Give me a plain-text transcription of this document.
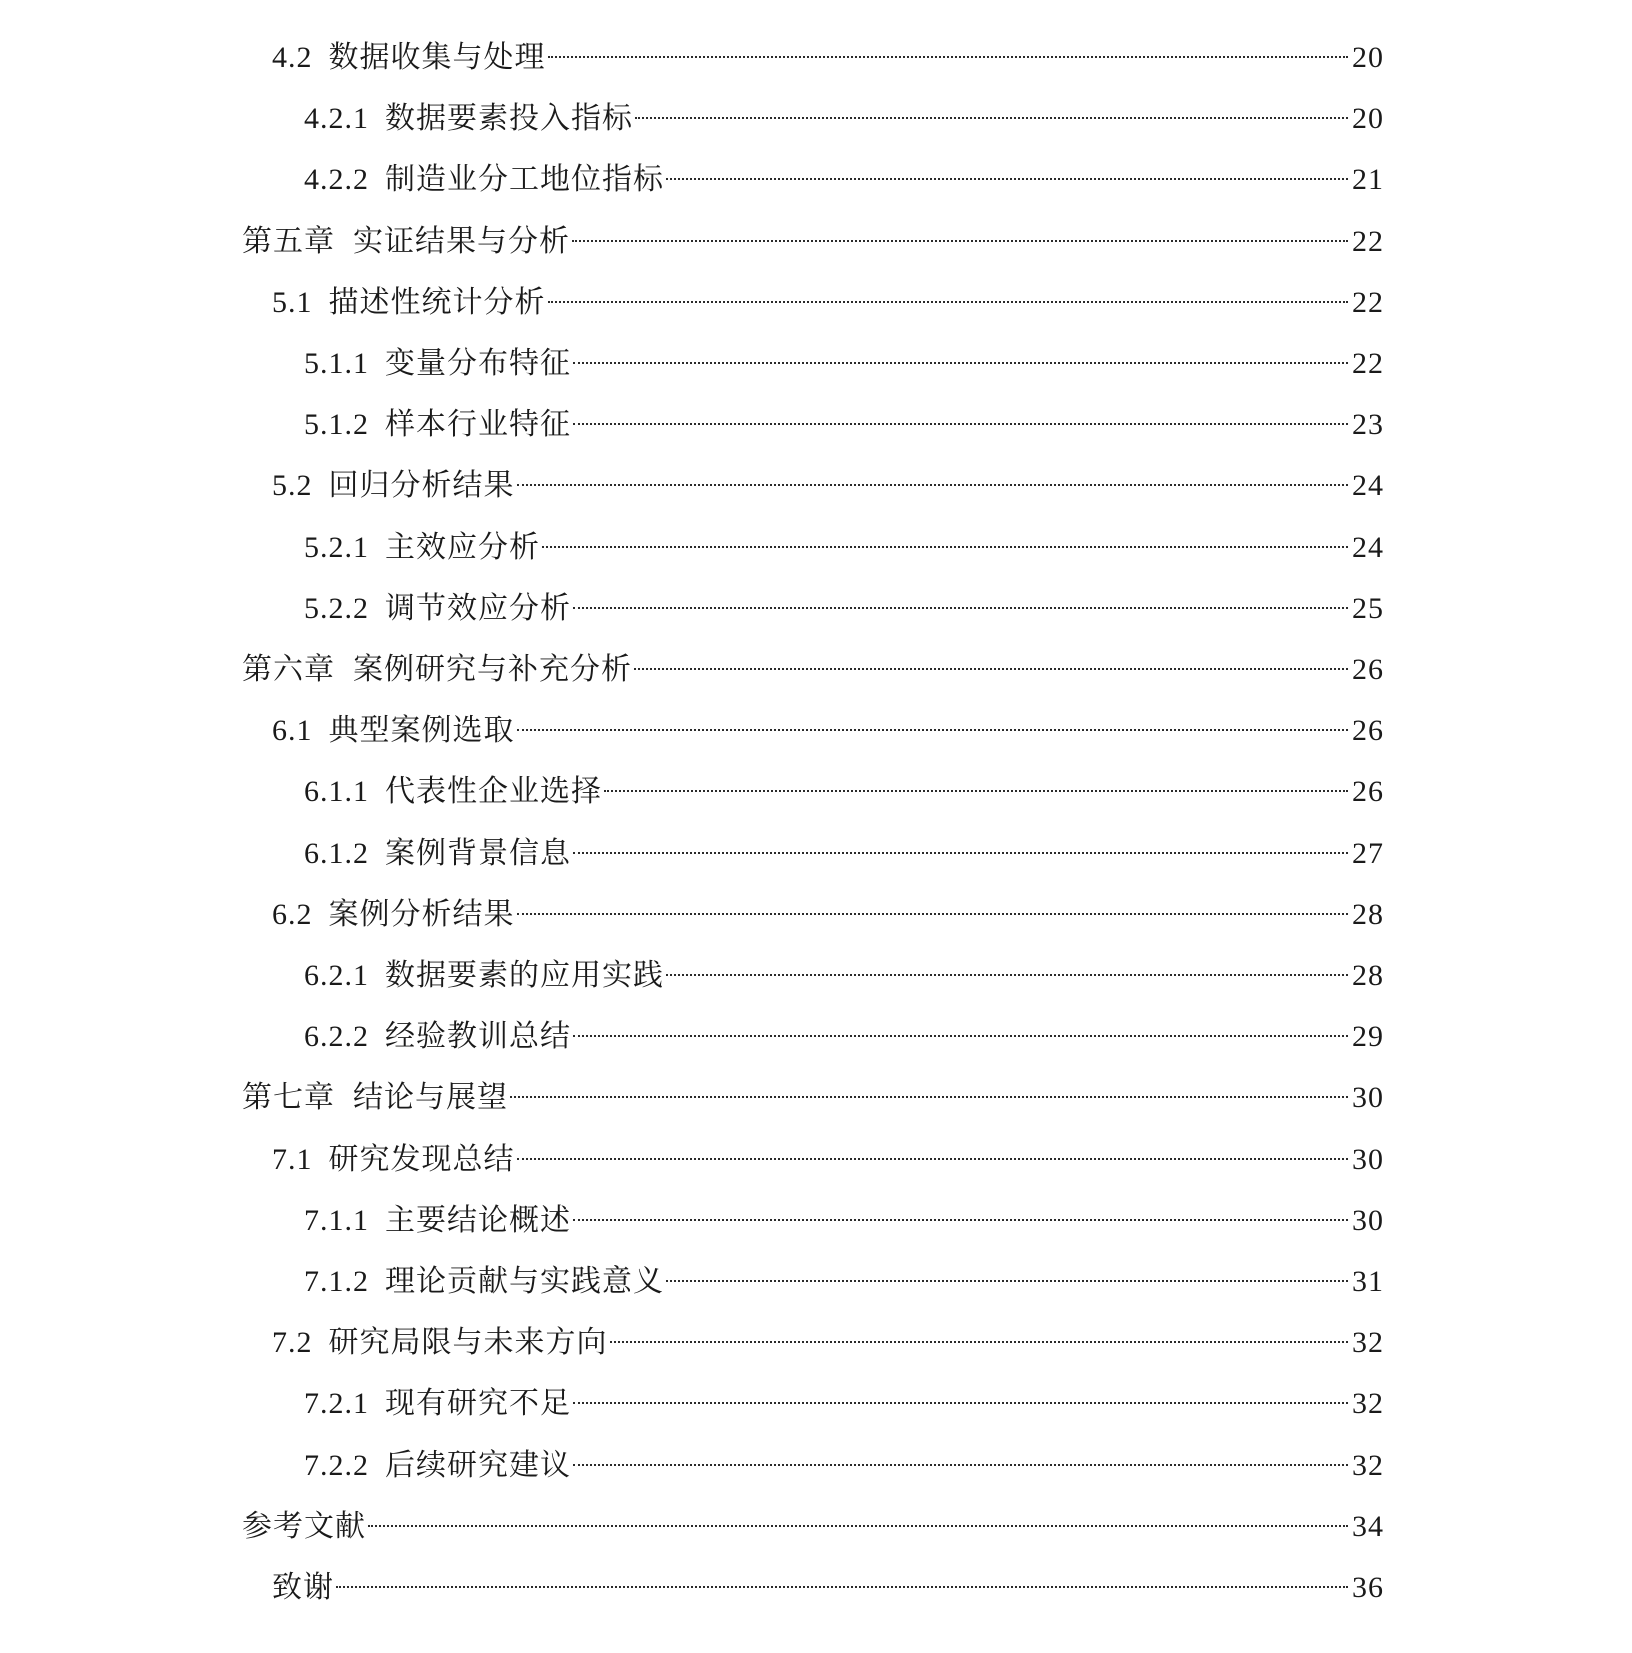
4.2 数据收集与处理	20
4.2.1 数据要素投入指标	20
4.2.2 制造业分工地位指标	21
第五章 实证结果与分析	22
5.1 描述性统计分析	22
5.1.1 变量分布特征	22
5.1.2 样本行业特征	23
5.2 回归分析结果	24
5.2.1 主效应分析	24
5.2.2 调节效应分析	25
第六章 案例研究与补充分析	26
6.1 典型案例选取	26
6.1.1 代表性企业选择	26
6.1.2 案例背景信息	27
6.2 案例分析结果	28
6.2.1 数据要素的应用实践	28
6.2.2 经验教训总结	29
第七章 结论与展望	30
7.1 研究发现总结	30
7.1.1 主要结论概述	30
7.1.2 理论贡献与实践意义	31
7.2 研究局限与未来方向	32
7.2.1 现有研究不足	32
7.2.2 后续研究建议	32
参考文献	34
致谢	36
